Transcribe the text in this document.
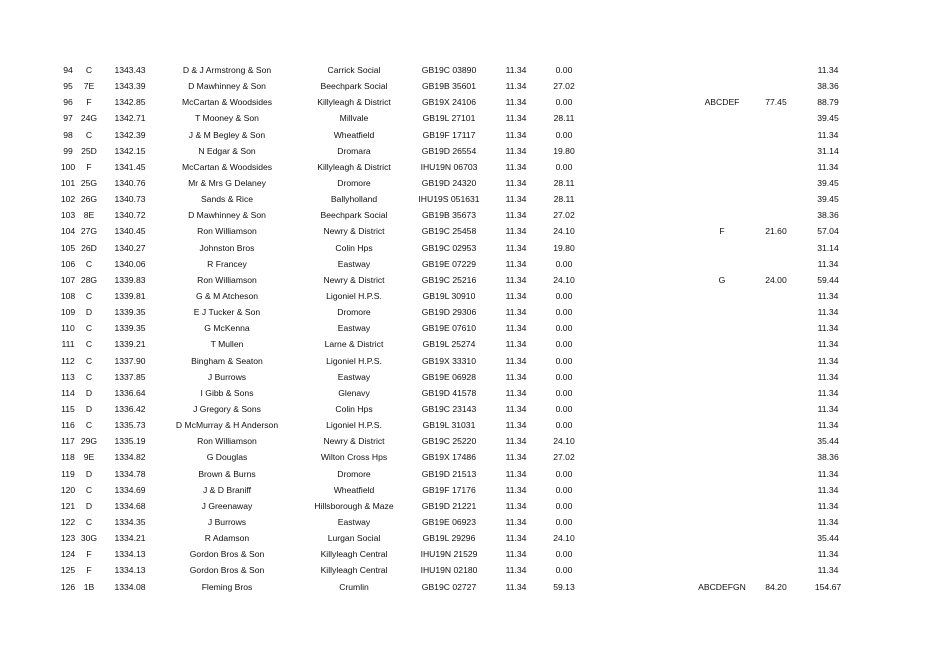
94	C	1343.43	D & J Armstrong & Son	Carrick Social	GB19C 03890	11.34	0.00	11.34
95	7E	1343.39	D Mawhinney & Son	Beechpark Social	GB19B 35601	11.34	27.02	38.36
96	F	1342.85	McCartan & Woodsides	Killyleagh & District	GB19X 24106	11.34	0.00	ABCDEF	77.45	88.79
97 24G	1342.71	T Mooney & Son	Millvale	GB19L 27101	11.34	28.11	39.45
98	C	1342.39	J & M Begley & Son	Wheatfield	GB19F 17117	11.34	0.00	11.34
99 25D	1342.15	N Edgar & Son	Dromara	GB19D 26554	11.34	19.80	31.14
100	F	1341.45	McCartan & Woodsides	Killyleagh & District	IHU19N 06703	11.34	0.00	11.34
101 25G	1340.76	Mr & Mrs G Delaney	Dromore	GB19D 24320	11.34	28.11	39.45
102 26G	1340.73	Sands & Rice	Ballyholland	IHU19S 051631	11.34	28.11	39.45
103 8E	1340.72	D Mawhinney & Son	Beechpark Social	GB19B 35673	11.34	27.02	38.36
104 27G	1340.45	Ron Williamson	Newry & District	GB19C 25458	11.34	24.10	F	21.60	57.04
105 26D	1340.27	Johnston Bros	Colin Hps	GB19C 02953	11.34	19.80	31.14
106	C	1340.06	R Francey	Eastway	GB19E 07229	11.34	0.00	11.34
107 28G	1339.83	Ron Williamson	Newry & District	GB19C 25216	11.34	24.10	G	24.00	59.44
108	C	1339.81	G & M Atcheson	Ligoniel H.P.S.	GB19L 30910	11.34	0.00	11.34
109	D	1339.35	E J Tucker & Son	Dromore	GB19D 29306	11.34	0.00	11.34
110	C	1339.35	G McKenna	Eastway	GB19E 07610	11.34	0.00	11.34
111	C	1339.21	T Mullen	Larne & District	GB19L 25274	11.34	0.00	11.34
112	C	1337.90	Bingham & Seaton	Ligoniel H.P.S.	GB19X 33310	11.34	0.00	11.34
113	C	1337.85	J Burrows	Eastway	GB19E 06928	11.34	0.00	11.34
114	D	1336.64	I Gibb & Sons	Glenavy	GB19D 41578	11.34	0.00	11.34
115	D	1336.42	J Gregory & Sons	Colin Hps	GB19C 23143	11.34	0.00	11.34
116	C	1335.73	D McMurray & H Anderson	Ligoniel H.P.S.	GB19L 31031	11.34	0.00	11.34
117 29G	1335.19	Ron Williamson	Newry & District	GB19C 25220	11.34	24.10	35.44
118	9E	1334.82	G Douglas	Wilton Cross Hps	GB19X 17486	11.34	27.02	38.36
119	D	1334.78	Brown & Burns	Dromore	GB19D 21513	11.34	0.00	11.34
120	C	1334.69	J & D Braniff	Wheatfield	GB19F 17176	11.34	0.00	11.34
121	D	1334.68	J Greenaway	Hillsborough & Maze	GB19D 21221	11.34	0.00	11.34
122	C	1334.35	J Burrows	Eastway	GB19E 06923	11.34	0.00	11.34
123 30G	1334.21	R Adamson	Lurgan Social	GB19L 29296	11.34	24.10	35.44
124	F	1334.13	Gordon Bros & Son	Killyleagh Central	IHU19N 21529	11.34	0.00	11.34
125	F	1334.13	Gordon Bros & Son	Killyleagh Central	IHU19N 02180	11.34	0.00	11.34
126 1B	1334.08	Fleming Bros	Crumlin	GB19C 02727	11.34	59.13	ABCDEFGN	84.20	154.67
